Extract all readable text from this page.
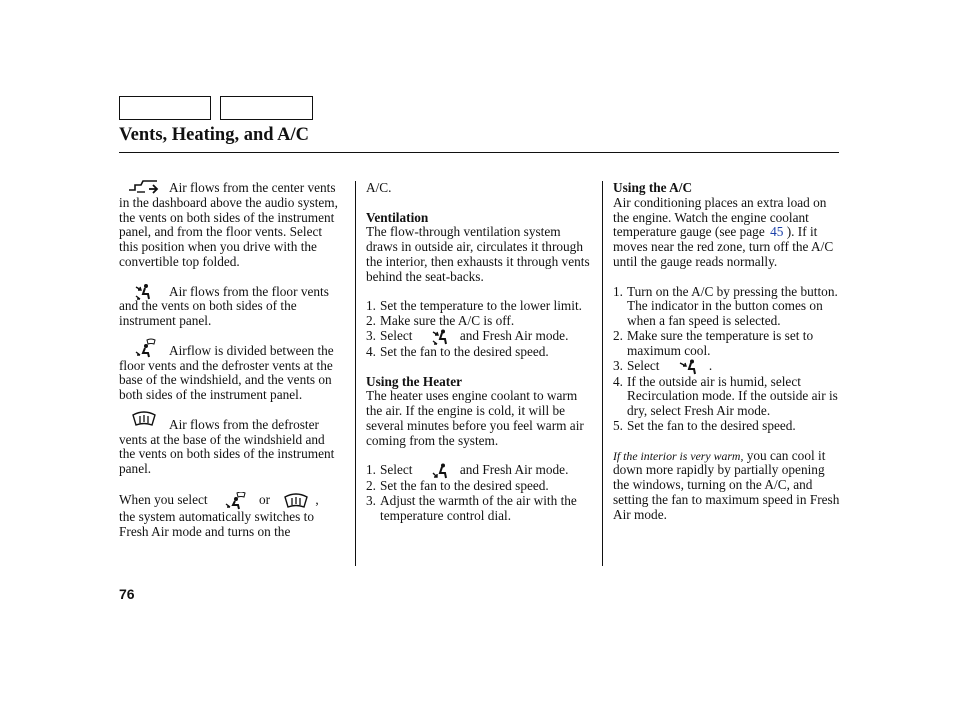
Vents, Heating, and A/C

Air flows from the center vents in the dashboard above the audio system, the vents on both sides of the instrument panel, and from the floor vents. Select this position when you drive with the convertible top folded.

Air flows from the floor vents and the vents on both sides of the instrument panel.

Airflow is divided between the floor vents and the defroster vents at the base of the windshield, and the vents on both sides of the instrument panel.

Air flows from the defroster vents at the base of the windshield and the vents on both sides of the instrument panel.

When you select	or	,
the system automatically switches to Fresh Air mode and turns on the

A/C.

Ventilation

The flow-through ventilation system draws in outside air, circulates it through the interior, then exhausts it through vents behind the seat-backs.

1. Set the temperature to the lower limit.
2. Make sure the A/C is off.
3. Select	and Fresh Air mode.
4. Set the fan to the desired speed.

Using the Heater

The heater uses engine coolant to warm the air. If the engine is cold, it will be several minutes before you feel warm air coming from the system.

1. Select	and Fresh Air mode.
2. Set the fan to the desired speed.
3. Adjust the warmth of the air with the temperature control dial.

Using the A/C

Air conditioning places an extra load on the engine. Watch the engine coolant temperature gauge (see page 45 ). If it moves near the red zone, turn off the A/C until the gauge reads normally.

1. Turn on the A/C by pressing the button. The indicator in the button comes on when a fan speed is selected.
2. Make sure the temperature is set to maximum cool.
3. Select	.
4. If the outside air is humid, select Recirculation mode. If the outside air is dry, select Fresh Air mode.
5. Set the fan to the desired speed.

If the interior is very warm, you can cool it down more rapidly by partially opening the windows, turning on the A/C, and setting the fan to maximum speed in Fresh Air mode.

76
